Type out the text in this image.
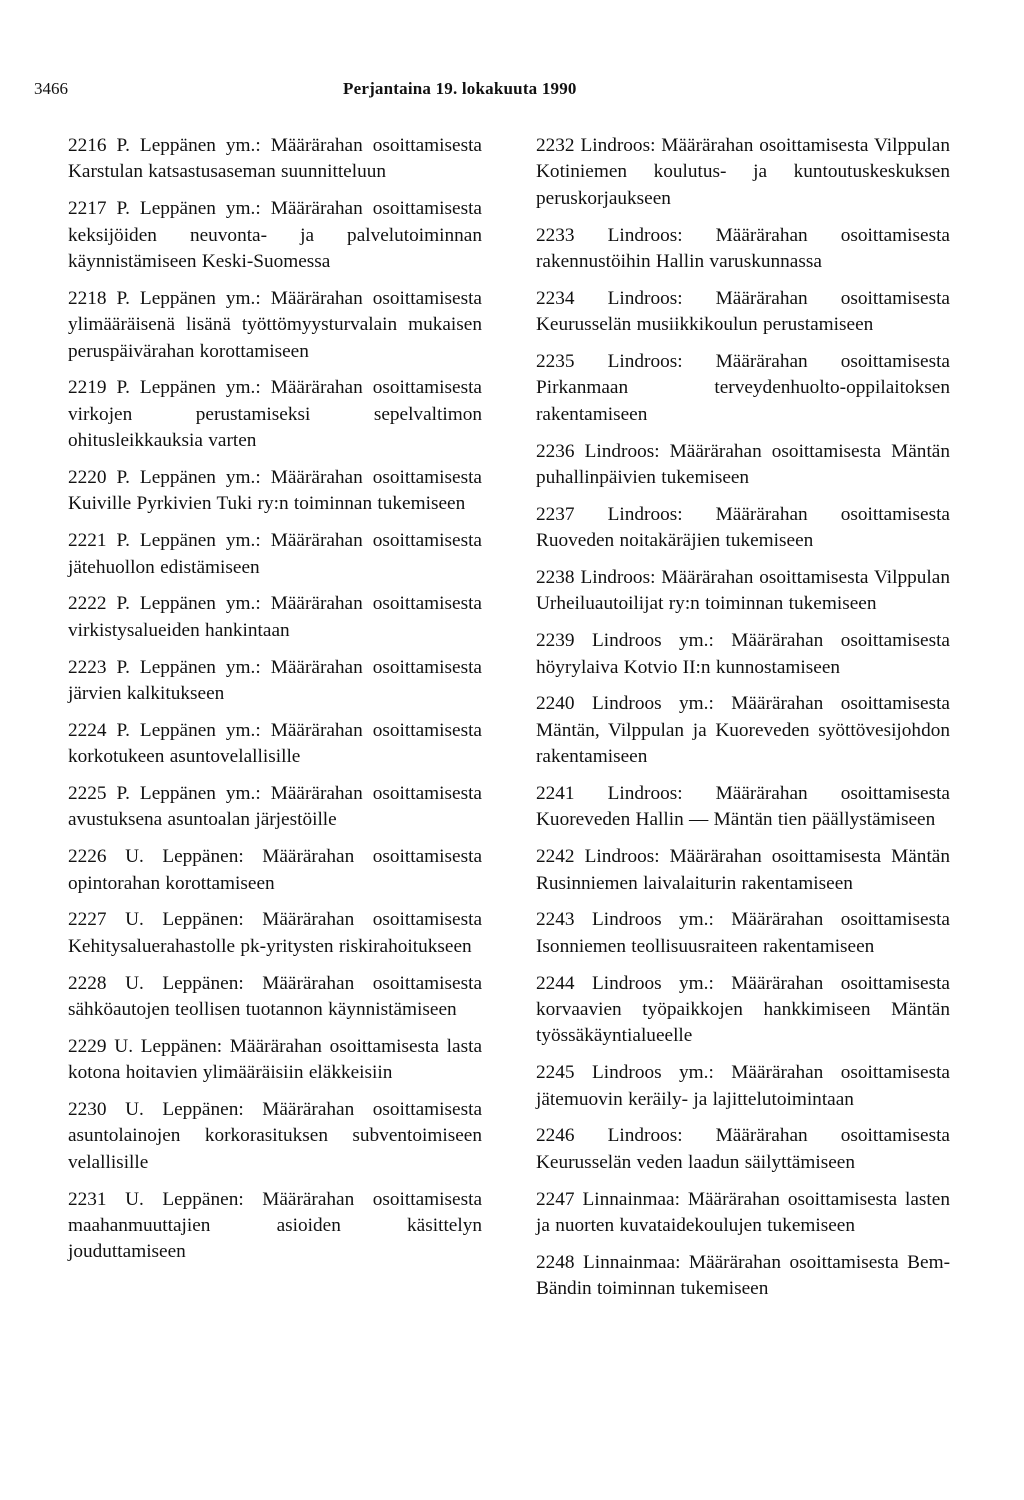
3466	Perjantaina 19. lokakuuta 1990
2216 P. Leppänen ym.: Määrärahan osoittamisesta Karstulan katsastusaseman suunnitteluun
2217 P. Leppänen ym.: Määrärahan osoittamisesta keksijöiden neuvonta- ja palvelutoiminnan käynnistämiseen Keski-Suomessa
2218 P. Leppänen ym.: Määrärahan osoittamisesta ylimääräisenä lisänä työttömyysturvalain mukaisen peruspäivärahan korottamiseen
2219 P. Leppänen ym.: Määrärahan osoittamisesta virkojen perustamiseksi sepelvaltimon ohitusleikkauksia varten
2220 P. Leppänen ym.: Määrärahan osoittamisesta Kuiville Pyrkivien Tuki ry:n toiminnan tukemiseen
2221 P. Leppänen ym.: Määrärahan osoittamisesta jätehuollon edistämiseen
2222 P. Leppänen ym.: Määrärahan osoittamisesta virkistysalueiden hankintaan
2223 P. Leppänen ym.: Määrärahan osoittamisesta järvien kalkitukseen
2224 P. Leppänen ym.: Määrärahan osoittamisesta korkotukeen asuntovelallisille
2225 P. Leppänen ym.: Määrärahan osoittamisesta avustuksena asuntoalan järjestöille
2226 U. Leppänen: Määrärahan osoittamisesta opintorahan korottamiseen
2227 U. Leppänen: Määrärahan osoittamisesta Kehitysaluerahastolle pk-yritysten riskirahoitukseen
2228 U. Leppänen: Määrärahan osoittamisesta sähköautojen teollisen tuotannon käynnistämiseen
2229 U. Leppänen: Määrärahan osoittamisesta lasta kotona hoitavien ylimääräisiin eläkkeisiin
2230 U. Leppänen: Määrärahan osoittamisesta asuntolainojen korkorasituksen subventoimiseen velallisille
2231 U. Leppänen: Määrärahan osoittamisesta maahanmuuttajien asioiden käsittelyn jouduttamiseen
2232 Lindroos: Määrärahan osoittamisesta Vilppulan Kotiniemen koulutus- ja kuntoutuskeskuksen peruskorjaukseen
2233 Lindroos: Määrärahan osoittamisesta rakennustöihin Hallin varuskunnassa
2234 Lindroos: Määrärahan osoittamisesta Keurusselän musiikkikoulun perustamiseen
2235 Lindroos: Määrärahan osoittamisesta Pirkanmaan terveydenhuolto-oppilaitoksen rakentamiseen
2236 Lindroos: Määrärahan osoittamisesta Mäntän puhallinpäivien tukemiseen
2237 Lindroos: Määrärahan osoittamisesta Ruoveden noitakäräjien tukemiseen
2238 Lindroos: Määrärahan osoittamisesta Vilppulan Urheiluautoilijat ry:n toiminnan tukemiseen
2239 Lindroos ym.: Määrärahan osoittamisesta höyrylaiva Kotvio II:n kunnostamiseen
2240 Lindroos ym.: Määrärahan osoittamisesta Mäntän, Vilppulan ja Kuoreveden syöttövesijohdon rakentamiseen
2241 Lindroos: Määrärahan osoittamisesta Kuoreveden Hallin — Mäntän tien päällystämiseen
2242 Lindroos: Määrärahan osoittamisesta Mäntän Rusinniemen laivalaiturin rakentamiseen
2243 Lindroos ym.: Määrärahan osoittamisesta Isonniemen teollisuusraiteen rakentamiseen
2244 Lindroos ym.: Määrärahan osoittamisesta korvaavien työpaikkojen hankkimiseen Mäntän työssäkäyntialueelle
2245 Lindroos ym.: Määrärahan osoittamisesta jätemuovin keräily- ja lajittelutoimintaan
2246 Lindroos: Määrärahan osoittamisesta Keurusselän veden laadun säilyttämiseen
2247 Linnainmaa: Määrärahan osoittamisesta lasten ja nuorten kuvataidekoulujen tukemiseen
2248 Linnainmaa: Määrärahan osoittamisesta Bem-Bändin toiminnan tukemiseen
